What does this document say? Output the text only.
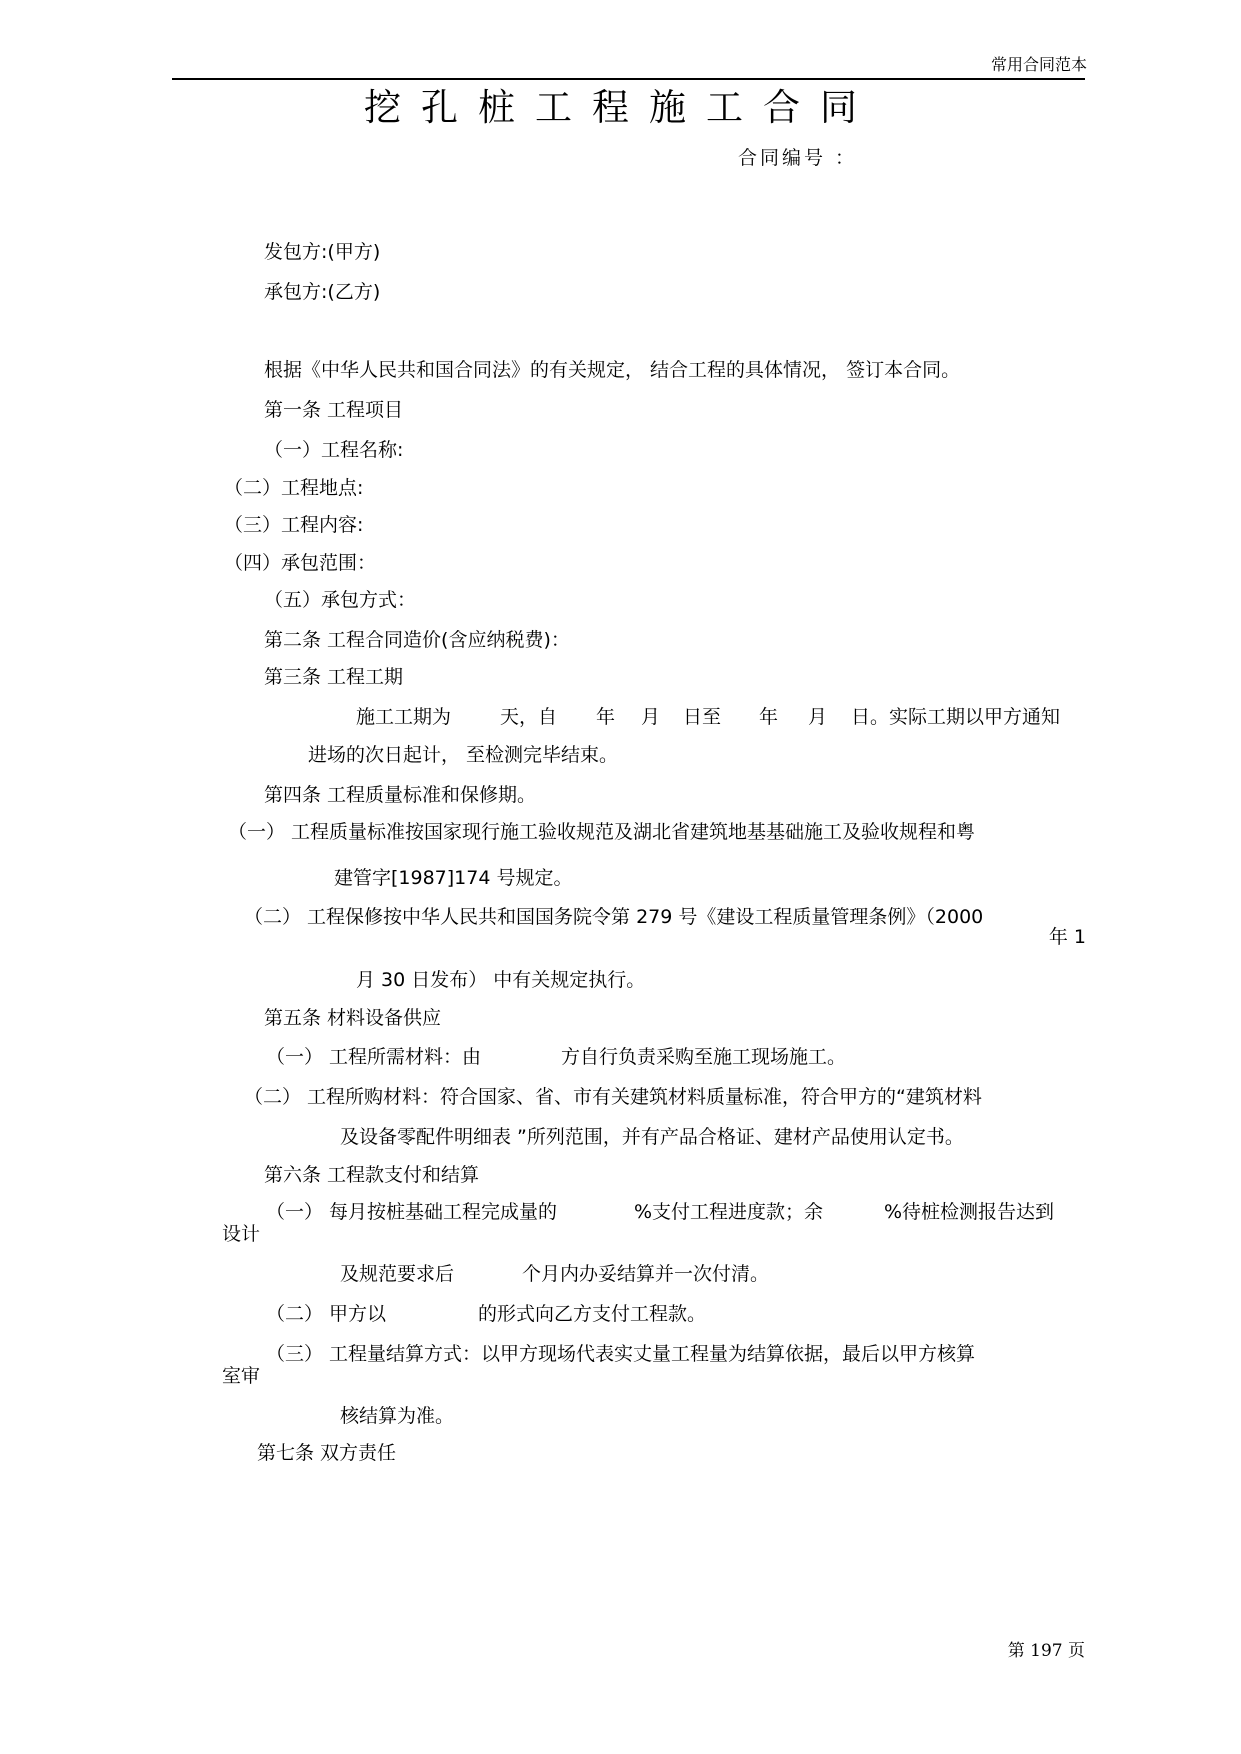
常用合同范本
挖孔桩工程施工合同
合同编号 ：
发包方:(甲方)
承包方:(乙方)
根据《中华人民共和国合同法》的有关规定， 结合工程的具体情况， 签订本合同。
第一条 工程项目
（一）工程名称:
（二）工程地点:
（三）工程内容:
（四）承包范围：
（五）承包方式：
第二条 工程合同造价(含应纳税费)：
第三条 工程工期
施工工期为	天，自 年 月 日至 年 月 日。实际工期以甲方通知
进场的次日起计， 至检测完毕结束。
第四条 工程质量标准和保修期。
（一） 工程质量标准按国家现行施工验收规范及湖北省建筑地基基础施工及验收规程和粤
建管字[1987]174 号规定。
（二） 工程保修按中华人民共和国国务院令第 279 号《建设工程质量管理条例》（2000
年 1
月 30 日发布） 中有关规定执行。
第五条 材料设备供应
（一） 工程所需材料：由	方自行负责采购至施工现场施工。
（二） 工程所购材料：符合国家、省、市有关建筑材料质量标准，符合甲方的“建筑材料
及设备零配件明细表 ”所列范围，并有产品合格证、建材产品使用认定书。
第六条 工程款支付和结算
（一） 每月按桩基础工程完成量的	%支付工程进度款；余	%待桩检测报告达到
设计
及规范要求后	个月内办妥结算并一次付清。
（二） 甲方以	的形式向乙方支付工程款。
（三） 工程量结算方式：以甲方现场代表实丈量工程量为结算依据，最后以甲方核算
室审
核结算为准。
第七条 双方责任
第 197 页
